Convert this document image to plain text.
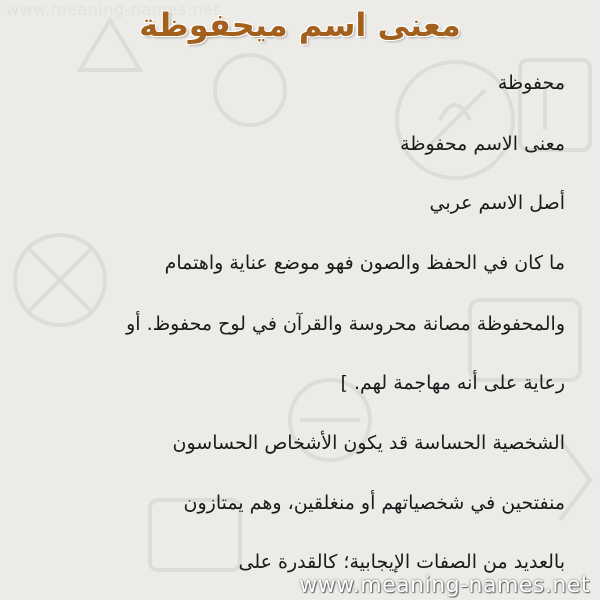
www.meaning-names.net
معنى اسم ميحفوظة
محفوظة
معنى الاسم محفوظة
أصل الاسم عربي
ما كان في الحفظ والصون فهو موضع عناية واهتمام
والمحفوظة مصانة محروسة والقرآن في لوح محفوظ. أو
رعاية على أنه مهاجمة لهم. ]
الشخصية الحساسة قد يكون الأشخاص الحساسون
منفتحين في شخصياتهم أو منغلقين، وهم يمتازون
بالعديد من الصفات الإيجابية؛ كالقدرة على
www.meaning-names.net
